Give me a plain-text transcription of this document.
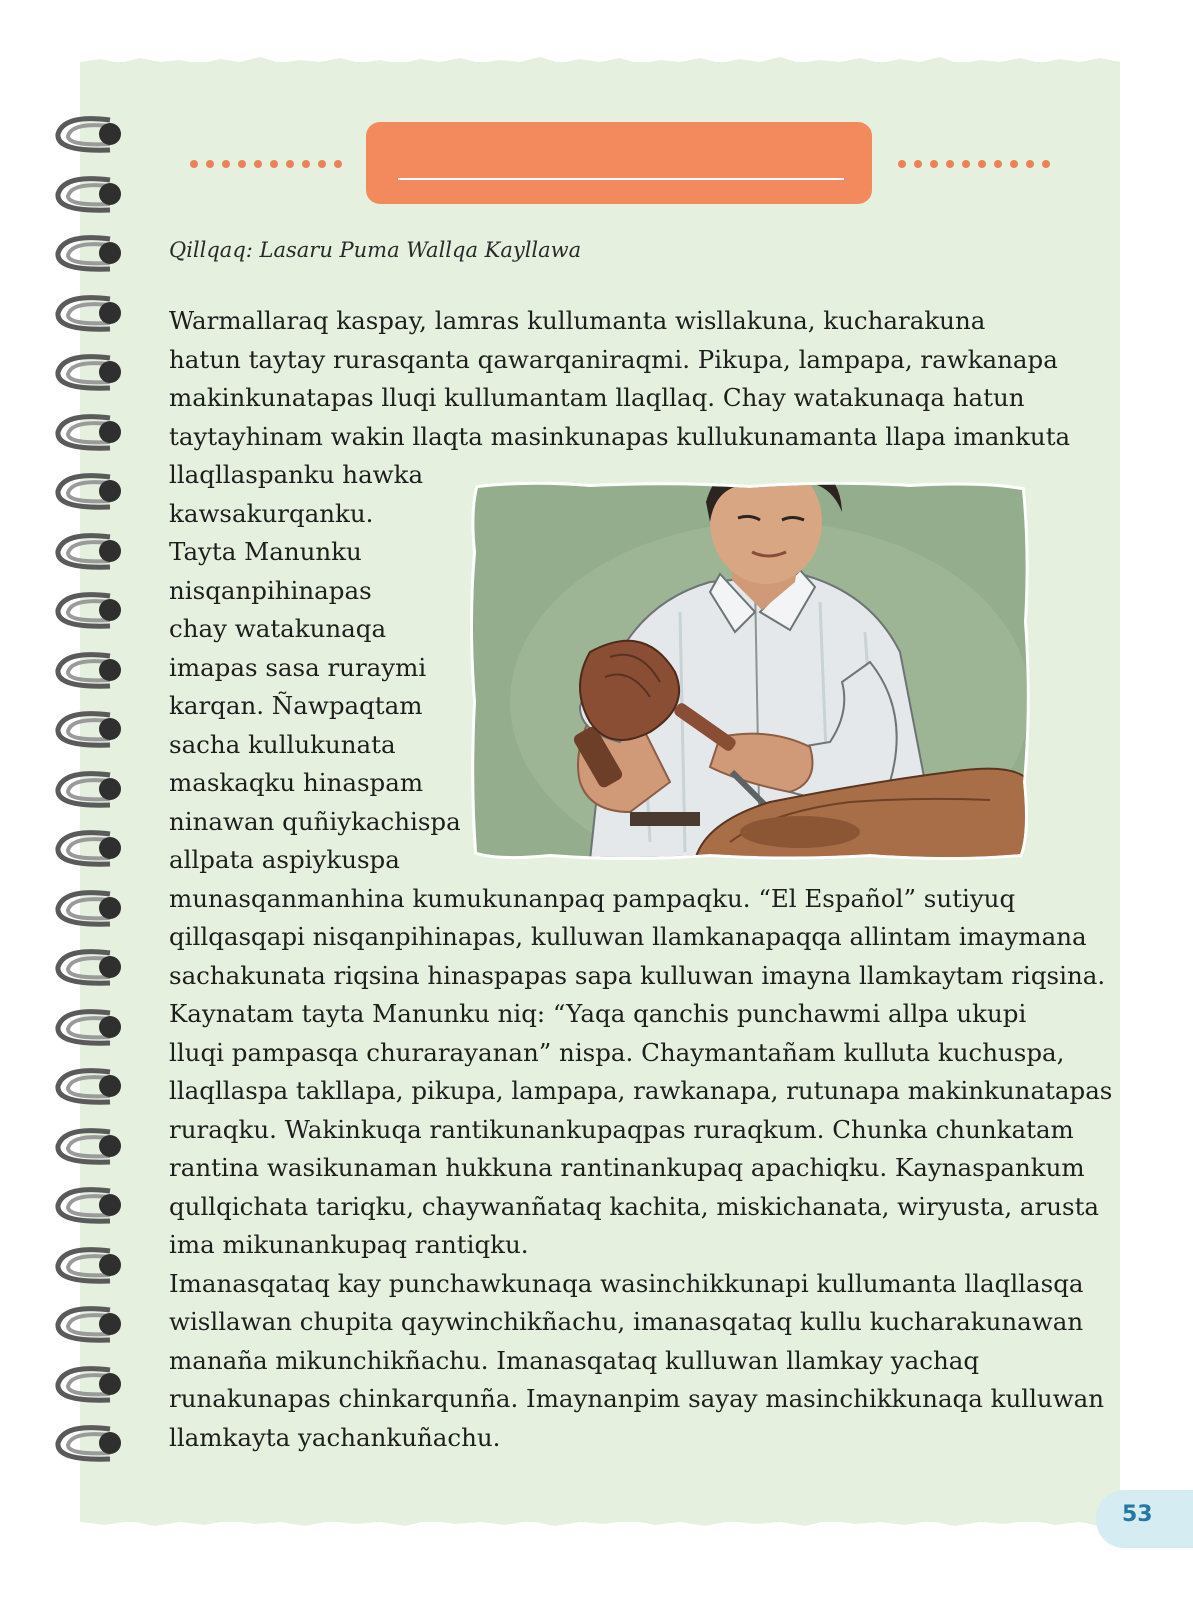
Qillqaq: Lasaru Puma Wallqa Kayllawa
Warmallaraq kaspay, lamras kullumanta wisllakuna, kucharakuna
hatun taytay rurasqanta qawarqaniraqmi. Pikupa, lampapa, rawkanapa
makinkunatapas lluqi kullumantam llaqllaq. Chay watakunaqa hatun
taytayhinam wakin llaqta masinkunapas kullukunamanta llapa imankuta
llaqllaspanku hawka
kawsakurqanku.
Tayta Manunku
nisqanpihinapas
chay watakunaqa
imapas sasa ruraymi
karqan. Ñawpaqtam
sacha kullukunata
maskaqku hinaspam
ninawan quñiykachispa
allpata aspiykuspa
munasqanmanhina kumukunanpaq pampaqku. “El Español” sutiyuq
qillqasqapi nisqanpihinapas, kulluwan llamkanapaqqa allintam imaymana
sachakunata riqsina hinaspapas sapa kulluwan imayna llamkaytam riqsina.
Kaynatam tayta Manunku niq: “Yaqa qanchis punchawmi allpa ukupi
lluqi pampasqa churarayanan” nispa. Chaymantañam kulluta kuchuspa,
llaqllaspa takllapa, pikupa, lampapa, rawkanapa, rutunapa makinkunatapas
ruraqku. Wakinkuqa rantikunankupaqpas ruraqkum. Chunka chunkatam
rantina wasikunaman hukkuna rantinankupaq apachiqku. Kaynaspankum
qullqichata tariqku, chaywanñataq kachita, miskichanata, wiryusta, arusta
ima mikunankupaq rantiqku.
Imanasqataq kay punchawkunaqa wasinchikkunapi kullumanta llaqllasqa
wisllawan chupita qaywinchikñachu, imanasqataq kullu kucharakunawan
manaña mikunchikñachu. Imanasqataq kulluwan llamkay yachaq
runakunapas chinkarqunña. Imaynanpim sayay masinchikkunaqa kulluwan
llamkayta yachankuñachu.
53
